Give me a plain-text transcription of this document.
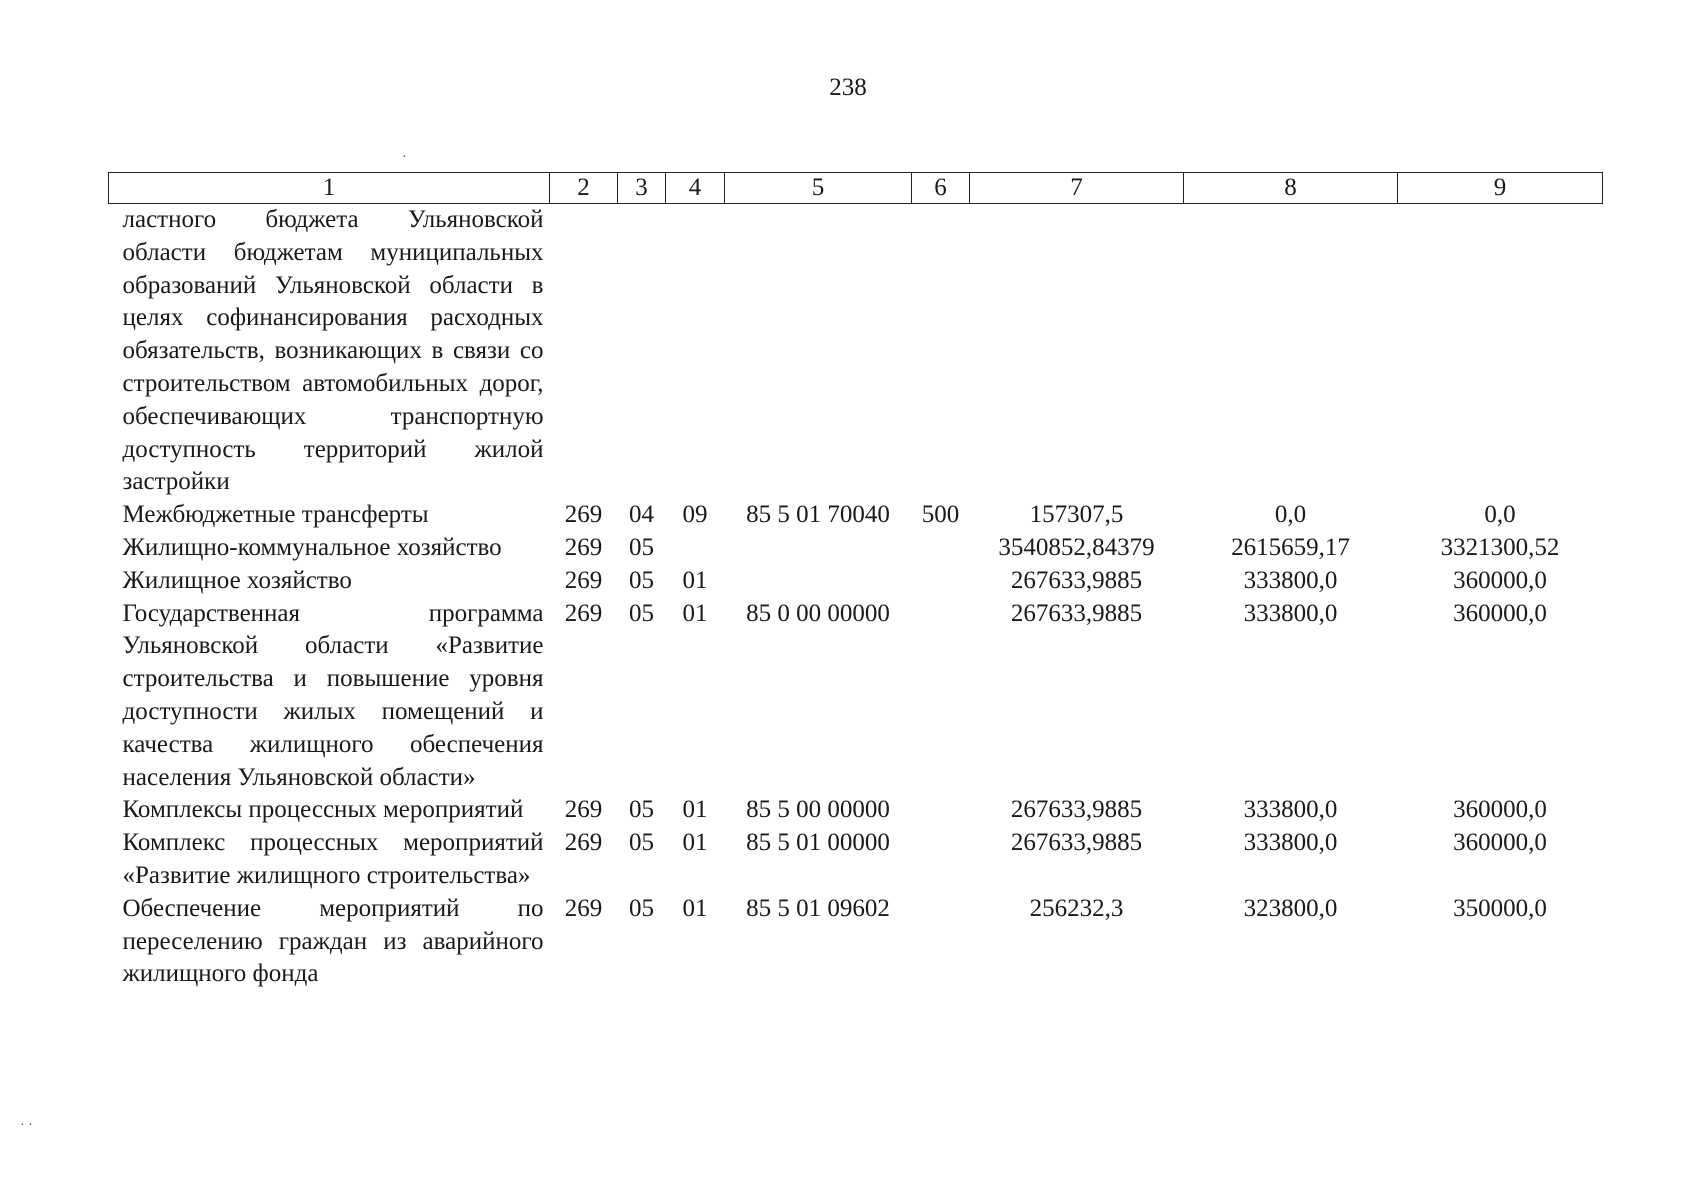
238
·
· ·
1	2	3	4	5	6	7	8	9
ластного бюджета Ульяновской области бюджетам муниципальных образований Ульяновской области в целях софинансирования расходных обязательств, возникающих в связи со строительством автомобильных дорог, обеспечивающих транспортную доступность территорий жилой застройки								
Межбюджетные трансферты	269	04	09	85 5 01 70040	500	157307,5	0,0	0,0
Жилищно-коммунальное хозяйство	269	05				3540852,84379	2615659,17	3321300,52
Жилищное хозяйство	269	05	01			267633,9885	333800,0	360000,0
Государственная программа Ульяновской области «Развитие строительства и повышение уровня доступности жилых помещений и качества жилищного обеспечения населения Ульяновской области»	269	05	01	85 0 00 00000		267633,9885	333800,0	360000,0
Комплексы процессных мероприятий	269	05	01	85 5 00 00000		267633,9885	333800,0	360000,0
Комплекс процессных мероприятий «Развитие жилищного строительства»	269	05	01	85 5 01 00000		267633,9885	333800,0	360000,0
Обеспечение мероприятий по переселению граждан из аварийного жилищного фонда	269	05	01	85 5 01 09602		256232,3	323800,0	350000,0
